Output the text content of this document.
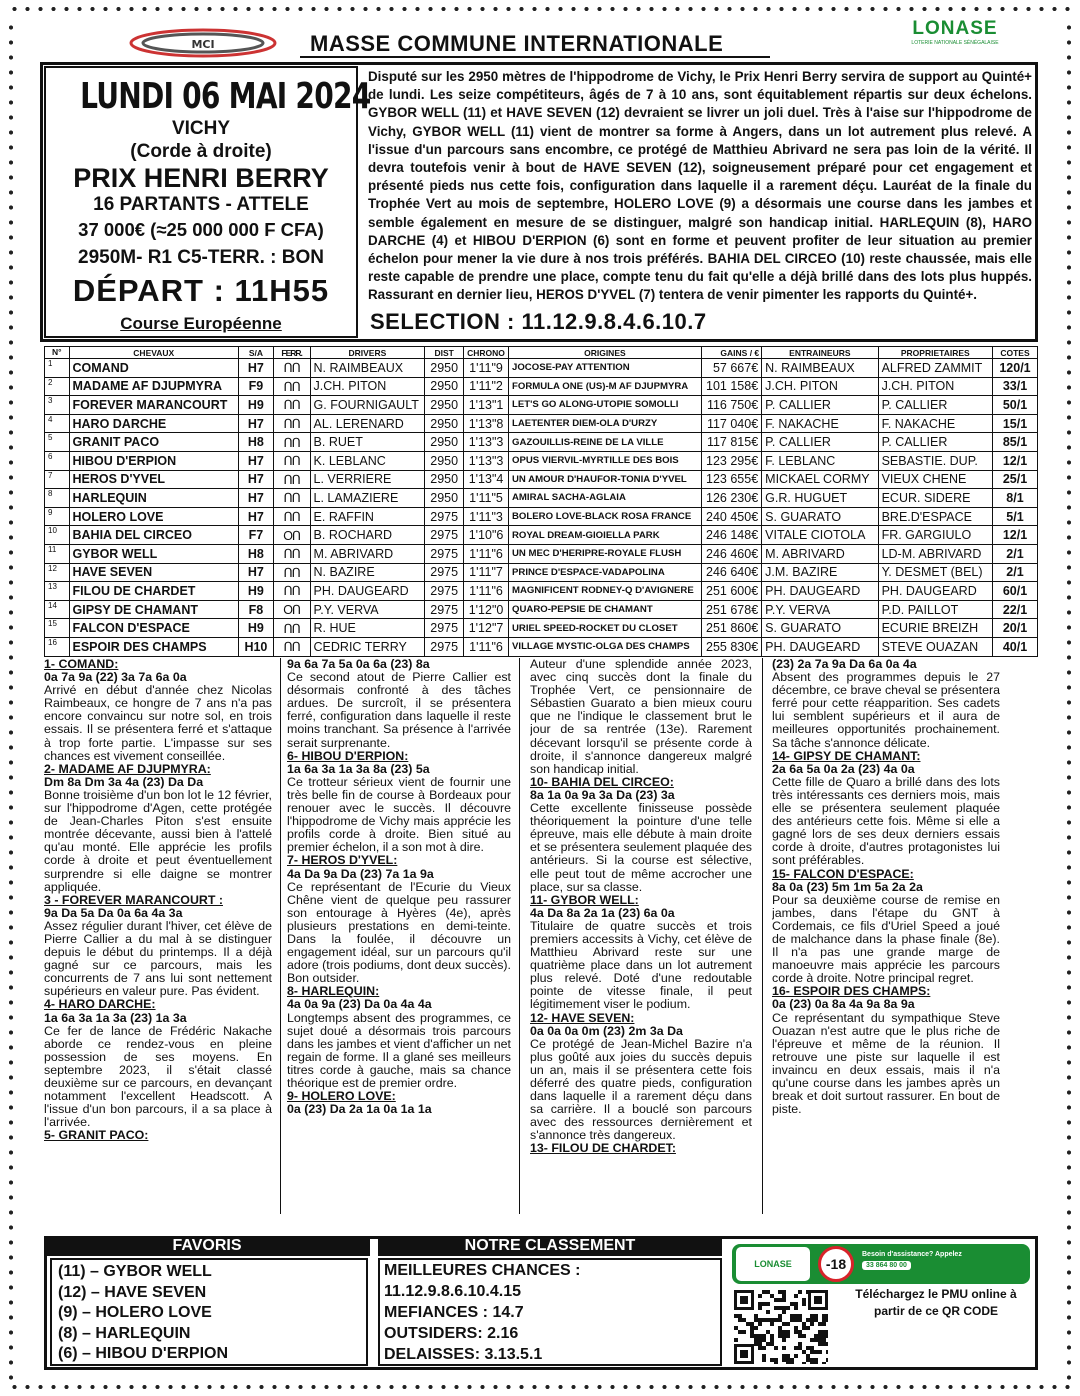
MCI
LONASE
LOTERIE NATIONALE SÉNÉGALAISE
MASSE COMMUNE INTERNATIONALE
LUNDI 06 MAI 2024
VICHY
(Corde à droite)
PRIX HENRI BERRY
16 PARTANTS - ATTELE
37 000€ (≈25 000 000 F CFA)
2950M- R1 C5-TERR. : BON
DÉPART : 11H55
Course Européenne
Disputé sur les 2950 mètres de l'hippodrome de Vichy, le Prix Henri Berry servira de support au Quinté+ de lundi. Les seize compétiteurs, âgés de 7 à 10 ans, sont équitablement répartis sur deux échelons. GYBOR WELL (11) et HAVE SEVEN (12) devraient se livrer un joli duel. Très à l'aise sur l'hippodrome de Vichy, GYBOR WELL (11) vient de montrer sa forme à Angers, dans un lot autrement plus relevé. A l'issue d'un parcours sans encombre, ce protégé de Matthieu Abrivard ne sera pas loin de la vérité. Il devra toutefois venir à bout de HAVE SEVEN (12), soigneusement préparé pour cet engagement et présenté pieds nus cette fois, configuration dans laquelle il a rarement déçu. Lauréat de la finale du Trophée Vert au mois de septembre, HOLERO LOVE (9) a désormais une course dans les jambes et semble également en mesure de se distinguer, malgré son handicap initial. HARLEQUIN (8), HARO DARCHE (4) et HIBOU D'ERPION (6) sont en forme et peuvent profiter de leur situation au premier échelon pour mener la vie dure à nos trois préférés. BAHIA DEL CIRCEO (10) reste chaussée, mais elle reste capable de prendre une place, compte tenu du fait qu'elle a déjà brillé dans des lots plus huppés. Rassurant en dernier lieu, HEROS D'YVEL (7) tentera de venir pimenter les rapports du Quinté+.
SELECTION : 11.12.9.8.4.6.10.7
N°	CHEVAUX	S/A	FERR.	DRIVERS	DIST	CHRONO	ORIGINES	GAINS / €	ENTRAINEURS	PROPRIETAIRES	COTES
1	COMAND	H7	ՈՈ	N. RAIMBEAUX	2950	1'11"9	JOCOSE-PAY ATTENTION	57 667€	N. RAIMBEAUX	ALFRED ZAMMIT	120/1
2	MADAME AF DJUPMYRA	F9	ՈՈ	J.CH. PITON	2950	1'11"2	FORMULA ONE (US)-M AF DJUPMYRA	101 158€	J.CH. PITON	J.CH. PITON	33/1
3	FOREVER MARANCOURT	H9	ՈՈ	G. FOURNIGAULT	2950	1'13"1	LET'S GO ALONG-UTOPIE SOMOLLI	116 750€	P. CALLIER	P. CALLIER	50/1
4	HARO DARCHE	H7	ՈՈ	AL. LERENARD	2950	1'13"8	LAETENTER DIEM-OLA D'URZY	117 040€	F. NAKACHE	F. NAKACHE	15/1
5	GRANIT PACO	H8	ՈՈ	B. RUET	2950	1'13"3	GAZOUILLIS-REINE DE LA VILLE	117 815€	P. CALLIER	P. CALLIER	85/1
6	HIBOU D'ERPION	H7	ՈՈ	K. LEBLANC	2950	1'13"3	OPUS VIERVIL-MYRTILLE DES BOIS	123 295€	F. LEBLANC	SEBASTIE. DUP.	12/1
7	HEROS D'YVEL	H7	ՈՈ	L. VERRIERE	2950	1'13"4	UN AMOUR D'HAUFOR-TONIA D'YVEL	123 655€	MICKAEL CORMY	VIEUX CHENE	25/1
8	HARLEQUIN	H7	ՈՈ	L. LAMAZIERE	2950	1'11"5	AMIRAL SACHA-AGLAIA	126 230€	G.R. HUGUET	ECUR. SIDERE	8/1
9	HOLERO LOVE	H7	ՈՈ	E. RAFFIN	2975	1'11"3	BOLERO LOVE-BLACK ROSA FRANCE	240 450€	S. GUARATO	BRE.D'ESPACE	5/1
10	BAHIA DEL CIRCEO	F7	OՈ	B. ROCHARD	2975	1'10"6	ROYAL DREAM-GIOIELLA PARK	246 148€	VITALE CIOTOLA	FR. GARGIULO	12/1
11	GYBOR WELL	H8	ՈՈ	M. ABRIVARD	2975	1'11"6	UN MEC D'HERIPRE-ROYALE FLUSH	246 460€	M. ABRIVARD	LD-M. ABRIVARD	2/1
12	HAVE SEVEN	H7	ՈՈ	N. BAZIRE	2975	1'11"7	PRINCE D'ESPACE-VADAPOLINA	246 640€	J.M. BAZIRE	Y. DESMET (BEL)	2/1
13	FILOU DE CHARDET	H9	ՈՈ	PH. DAUGEARD	2975	1'11"6	MAGNIFICENT RODNEY-Q D'AVIGNERE	251 600€	PH. DAUGEARD	PH. DAUGEARD	60/1
14	GIPSY DE CHAMANT	F8	OՈ	P.Y. VERVA	2975	1'12"0	QUARO-PEPSIE DE CHAMANT	251 678€	P.Y. VERVA	P.D. PAILLOT	22/1
15	FALCON D'ESPACE	H9	ՈՈ	R. HUE	2975	1'12"7	URIEL SPEED-ROCKET DU CLOSET	251 860€	S. GUARATO	ECURIE BREIZH	20/1
16	ESPOIR DES CHAMPS	H10	ՈՈ	CEDRIC TERRY	2975	1'11"6	VILLAGE MYSTIC-OLGA DES CHAMPS	255 830€	PH. DAUGEARD	STEVE OUAZAN	40/1
1- COMAND:
0a 7a 9a (22) 3a 7a 6a 0a
Arrivé en début d'année chez Nicolas Raimbeaux, ce hongre de 7 ans n'a pas encore convaincu sur notre sol, en trois essais. Il se présentera ferré et s'attaque à trop forte partie. L'impasse sur ses chances est vivement conseillée.
2- MADAME AF DJUPMYRA:
Dm 8a Dm 3a 4a (23) Da Da
Bonne troisième d'un bon lot le 12 février, sur l'hippodrome d'Agen, cette protégée de Jean-Charles Piton s'est ensuite montrée décevante, aussi bien à l'attelé qu'au monté. Elle apprécie les profils corde à droite et peut éventuellement surprendre si elle daigne se montrer appliquée.
3 - FOREVER MARANCOURT :
9a Da 5a Da 0a 6a 4a 3a
Assez régulier durant l'hiver, cet élève de Pierre Callier a du mal à se distinguer depuis le début du printemps. Il a déjà gagné sur ce parcours, mais les concurrents de 7 ans lui sont nettement supérieurs en valeur pure. Pas évident.
4- HARO DARCHE:
1a 6a 3a 1a 3a (23) 1a 3a
Ce fer de lance de Frédéric Nakache aborde ce rendez-vous en pleine possession de ses moyens. En septembre 2023, il s'était classé deuxième sur ce parcours, en devançant notamment l'excellent Headscott. A l'issue d'un bon parcours, il a sa place à l'arrivée.
5- GRANIT PACO:
9a 6a 7a 5a 0a 6a (23) 8a
Ce second atout de Pierre Callier est désormais confronté à des tâches ardues. De surcroît, il se présentera ferré, configuration dans laquelle il reste moins tranchant. Sa présence à l'arrivée serait surprenante.
6- HIBOU D'ERPION:
1a 6a 3a 1a 3a 8a (23) 5a
Ce trotteur sérieux vient de fournir une très belle fin de course à Bordeaux pour renouer avec le succès. Il découvre l'hippodrome de Vichy mais apprécie les profils corde à droite. Bien situé au premier échelon, il a son mot à dire.
7- HEROS D'YVEL:
4a Da 9a Da (23) 7a 1a 9a
Ce représentant de l'Ecurie du Vieux Chêne vient de quelque peu rassurer son entourage à Hyères (4e), après plusieurs prestations en demi-teinte. Dans la foulée, il découvre un engagement idéal, sur un parcours qu'il adore (trois podiums, dont deux succès). Bon outsider.
8- HARLEQUIN:
4a 0a 9a (23) Da 0a 4a 4a
Longtemps absent des programmes, ce sujet doué a désormais trois parcours dans les jambes et vient d'afficher un net regain de forme. Il a glané ses meilleurs titres corde à gauche, mais sa chance théorique est de premier ordre.
9- HOLERO LOVE:
0a (23) Da 2a 1a 0a 1a 1a
Auteur d'une splendide année 2023, avec cinq succès dont la finale du Trophée Vert, ce pensionnaire de Sébastien Guarato a bien mieux couru que ne l'indique le classement brut le jour de sa rentrée (13e). Rarement décevant lorsqu'il se présente corde à droite, il s'annonce dangereux malgré son handicap initial.
10- BAHIA DEL CIRCEO:
8a 1a 0a 9a 3a Da (23) 3a
Cette excellente finisseuse possède théoriquement la pointure d'une telle épreuve, mais elle débute à main droite et se présentera seulement plaquée des antérieurs. Si la course est sélective, elle peut tout de même accrocher une place, sur sa classe.
11- GYBOR WELL:
4a Da 8a 2a 1a (23) 6a 0a
Titulaire de quatre succès et trois premiers accessits à Vichy, cet élève de Matthieu Abrivard reste sur une quatrième place dans un lot autrement plus relevé. Doté d'une redoutable pointe de vitesse finale, il peut légitimement viser le podium.
12- HAVE SEVEN:
0a 0a 0a 0m (23) 2m 3a Da
Ce protégé de Jean-Michel Bazire n'a plus goûté aux joies du succès depuis un an, mais il se présentera cette fois déferré des quatre pieds, configuration dans laquelle il a rarement déçu dans sa carrière. Il a bouclé son parcours avec des ressources dernièrement et s'annonce très dangereux.
13- FILOU DE CHARDET:
(23) 2a 7a 9a Da 6a 0a 4a
Absent des programmes depuis le 27 décembre, ce brave cheval se présentera ferré pour cette réapparition. Ses cadets lui semblent supérieurs et il aura de meilleures opportunités prochainement. Sa tâche s'annonce délicate.
14- GIPSY DE CHAMANT:
2a 6a 5a 0a 2a (23) 4a 0a
Cette fille de Quaro a brillé dans des lots très intéressants ces derniers mois, mais elle se présentera seulement plaquée des antérieurs cette fois. Même si elle a gagné lors de ses deux derniers essais corde à droite, d'autres protagonistes lui sont préférables.
15- FALCON D'ESPACE:
8a 0a (23) 5m 1m 5a 2a 2a
Pour sa deuxième course de remise en jambes, dans l'étape du GNT à Cordemais, ce fils d'Uriel Speed a joué de malchance dans la phase finale (8e). Il n'a pas une grande marge de manoeuvre mais apprécie les parcours corde à droite. Notre principal regret.
16- ESPOIR DES CHAMPS:
0a (23) 0a 8a 4a 9a 8a 9a
Ce représentant du sympathique Steve Ouazan n'est autre que le plus riche de l'épreuve et même de la réunion. Il retrouve une piste sur laquelle il est invaincu en deux essais, mais il n'a qu'une course dans les jambes après un break et doit surtout rassurer. En bout de piste.
FAVORIS
(11) – GYBOR WELL
(12) – HAVE SEVEN
(9) – HOLERO LOVE
(8) – HARLEQUIN
(6) – HIBOU D'ERPION
NOTRE CLASSEMENT
MEILLEURES CHANCES :
11.12.9.8.6.10.4.15
MEFIANCES : 14.7
OUTSIDERS: 2.16
DELAISSES: 3.13.5.1
LONASE	-18
Besoin d'assistance? Appelez
33 864 80 00
Téléchargez le PMU online à partir de ce QR CODE
